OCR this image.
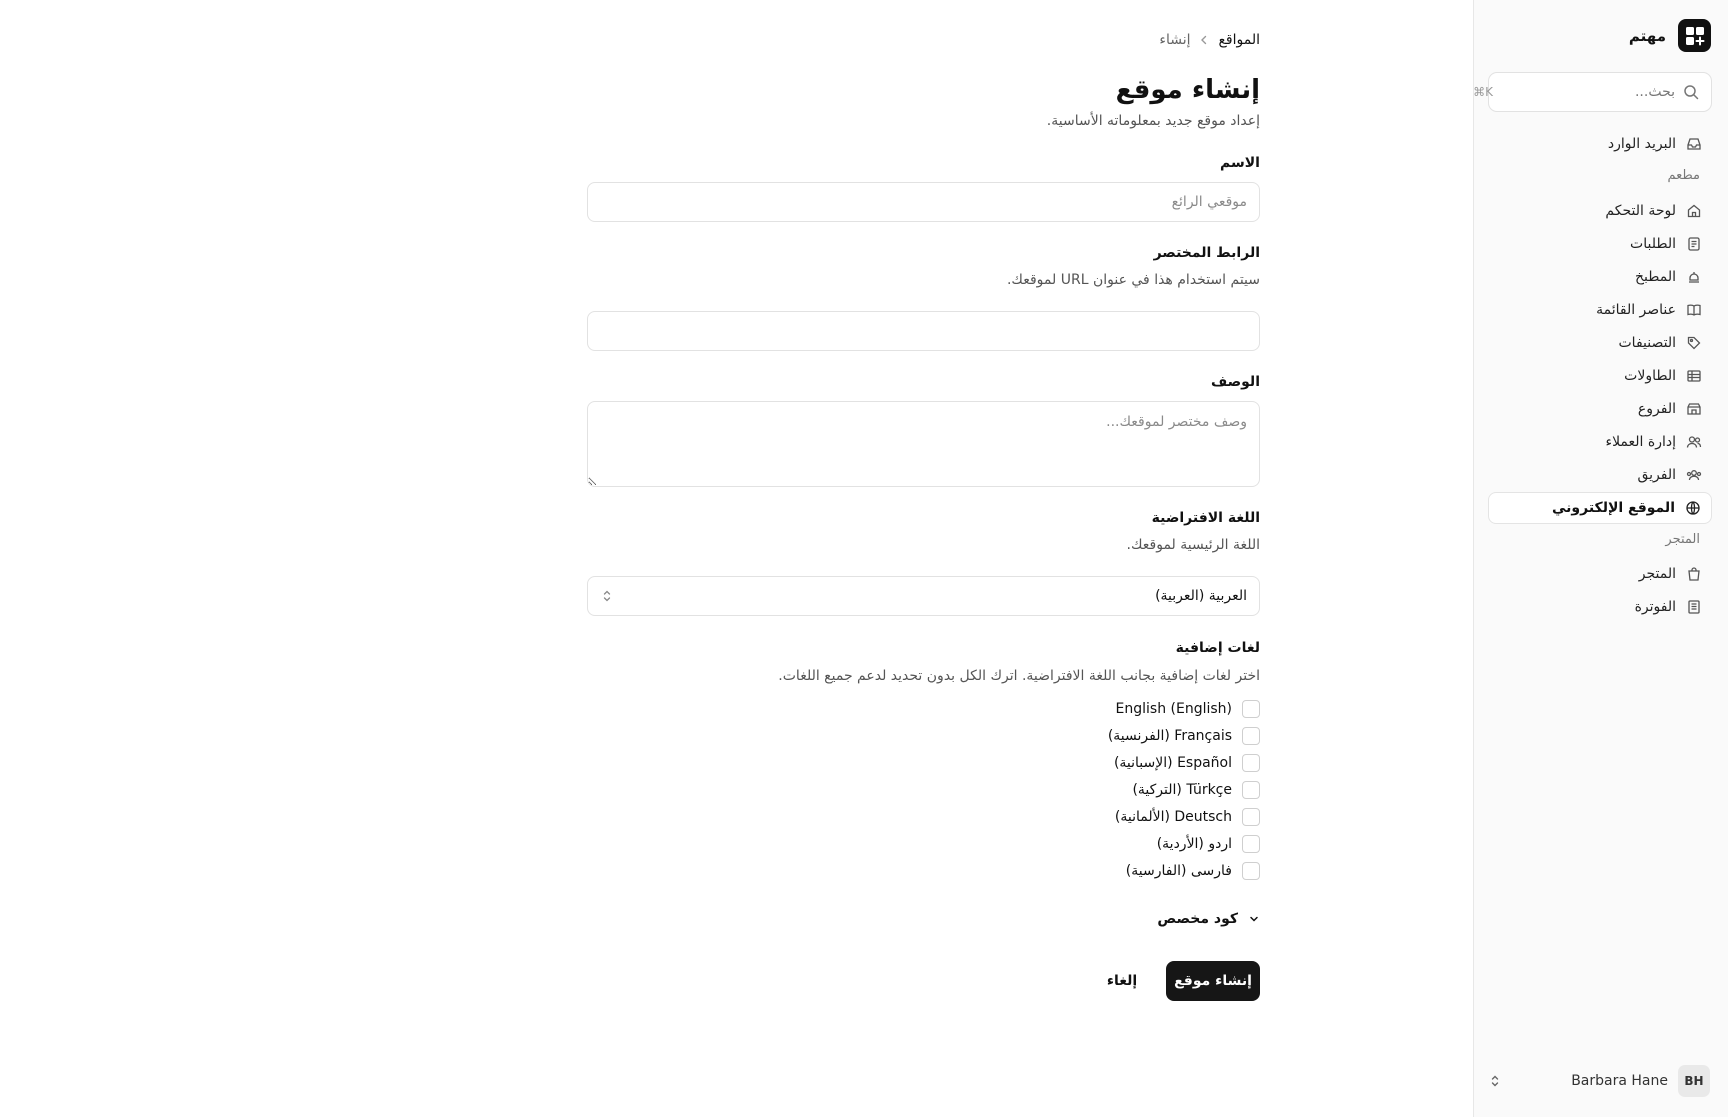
مهتم
بحث...
⌘K
البريد الوارد
مطعم
لوحة التحكم
الطلبات
المطبخ
عناصر القائمة
التصنيفات
الطاولات
الفروع
إدارة العملاء
الفريق
الموقع الإلكتروني
المتجر
المتجر
الفوترة
BH
Barbara Hane
المواقع
إنشاء
إنشاء موقع

إعداد موقع جديد بمعلوماته الأساسية.

الاسم
موقعي الرائع
الرابط المختصر

سيتم استخدام هذا في عنوان URL لموقعك.

الوصف
وصف مختصر لموقعك...
اللغة الافتراضية

اللغة الرئيسية لموقعك.

العربية (العربية)
لغات إضافية

اختر لغات إضافية بجانب اللغة الافتراضية. اترك الكل بدون تحديد لدعم جميع اللغات.

English (English)
Français (الفرنسية)
Español (الإسبانية)
Türkçe (التركية)
Deutsch (الألمانية)
اردو (الأردية)
فارسی (الفارسية)
كود مخصص
إنشاء موقع
إلغاء
